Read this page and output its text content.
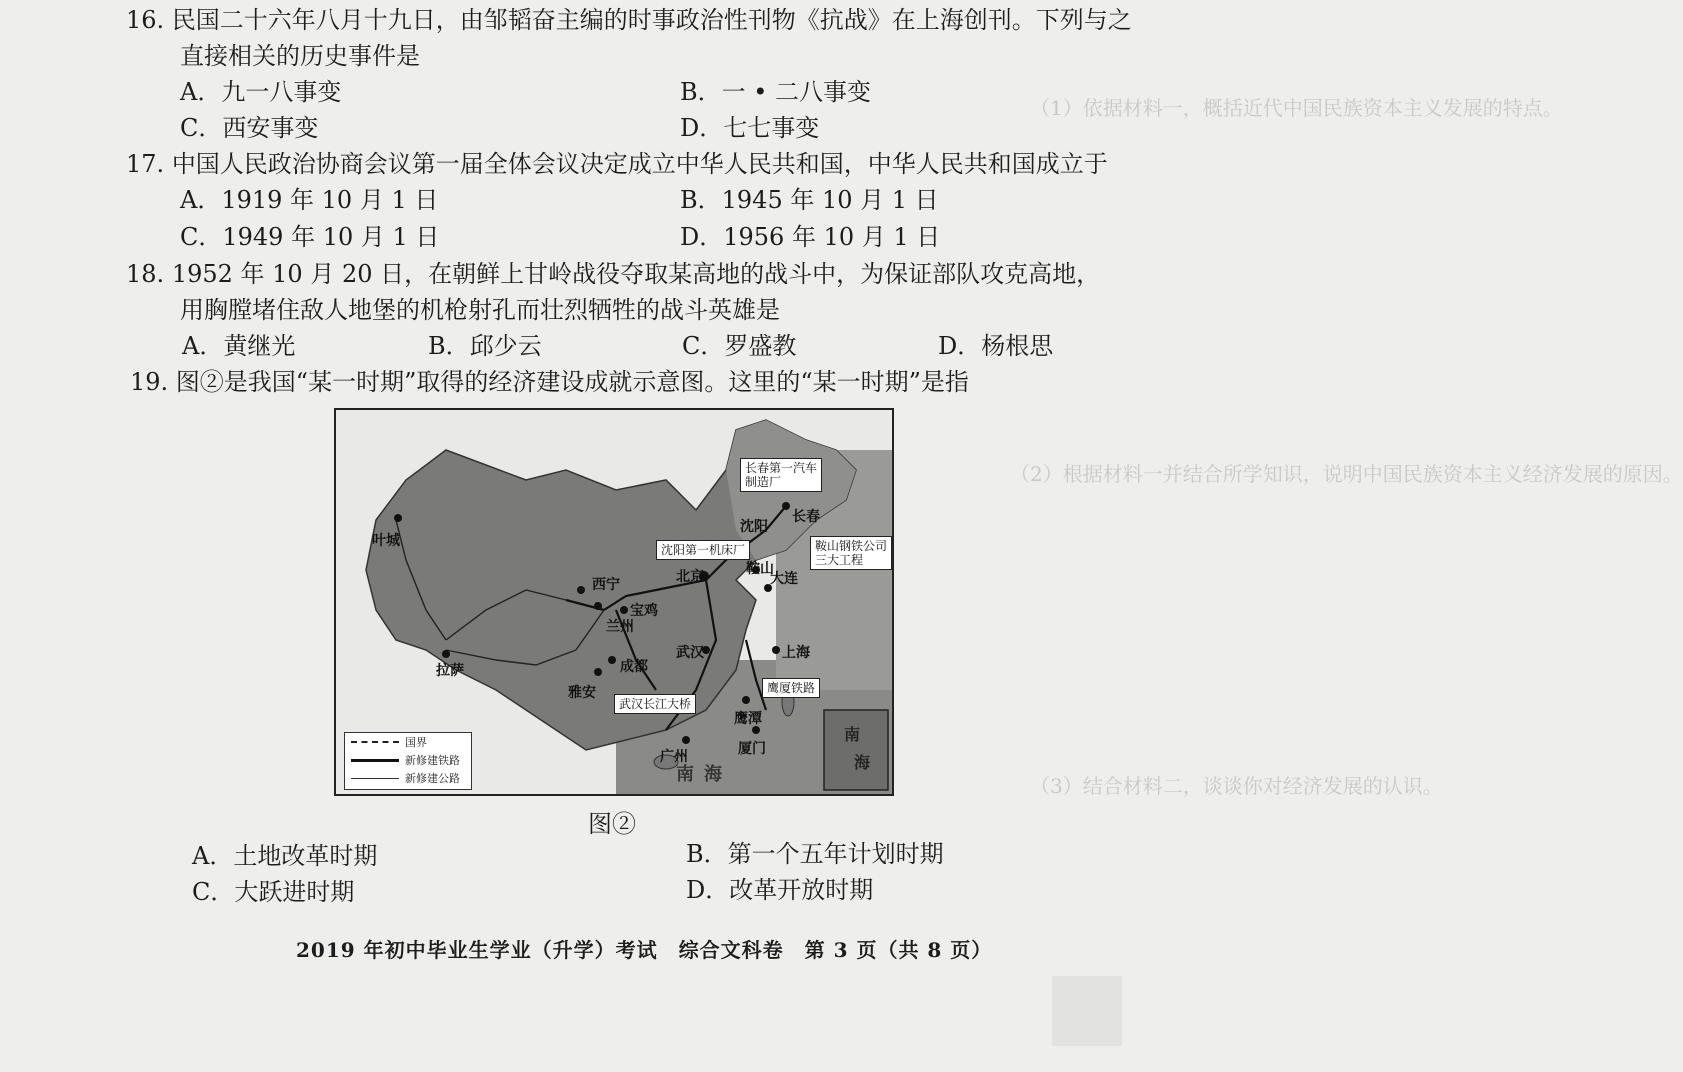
（1）依据材料一，概括近代中国民族资本主义发展的特点。
（2）根据材料一并结合所学知识，说明中国民族资本主义经济发展的原因。
（3）结合材料二，谈谈你对经济发展的认识。
16. 民国二十六年八月十九日，由邹韬奋主编的时事政治性刊物《抗战》在上海创刊。下列与之
直接相关的历史事件是
A．九一八事变	B．一 • 二八事变
C．西安事变	D．七七事变
17. 中国人民政治协商会议第一届全体会议决定成立中华人民共和国，中华人民共和国成立于
A．1919 年 10 月 1 日	B．1945 年 10 月 1 日
C．1949 年 10 月 1 日	D．1956 年 10 月 1 日
18. 1952 年 10 月 20 日，在朝鲜上甘岭战役夺取某高地的战斗中，为保证部队攻克高地，
用胸膛堵住敌人地堡的机枪射孔而壮烈牺牲的战斗英雄是
A．黄继光	B．邱少云	C．罗盛教	D．杨根思
19. 图②是我国“某一时期”取得的经济建设成就示意图。这里的“某一时期”是指
长春第一汽车
制造厂
沈阳第一机床厂	鞍山钢铁公司
三大工程
武汉长江大桥
鹰厦铁路
叶城
西宁
兰州
宝鸡
北京
沈阳
长春
鞍山
大连
武汉	上海
成都
雅安
拉萨
广州
鹰潭
厦门
南 海
南
海
国界
新修建铁路
新修建公路
图②
A．土地改革时期	B．第一个五年计划时期
C．大跃进时期	D．改革开放时期
2019 年初中毕业生学业（升学）考试　综合文科卷　第 3 页（共 8 页）
